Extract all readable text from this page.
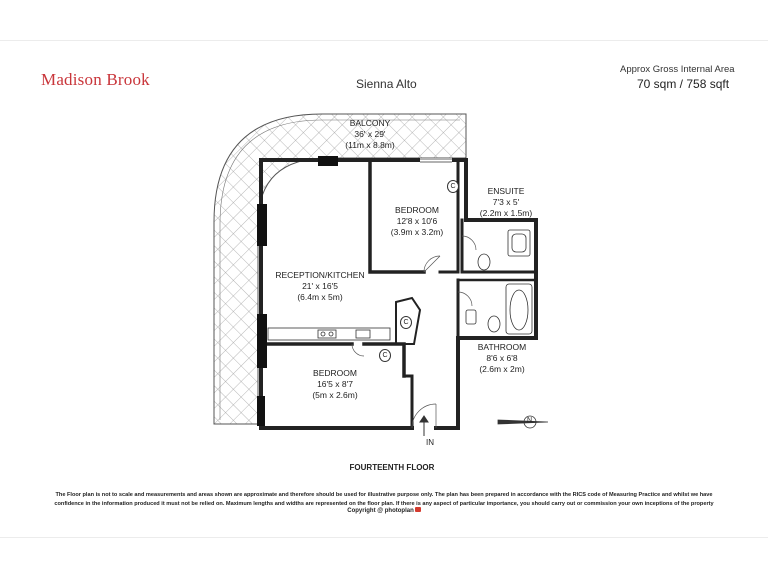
Madison Brook	Sienna Alto
Approx Gross Internal Area
70 sqm / 758 sqft
BALCONY
36' x 29'
(11m x 8.8m)
BEDROOM
12'8 x 10'6
(3.9m x 3.2m)
ENSUITE
7'3 x 5'
(2.2m x 1.5m)
RECEPTION/KITCHEN
21' x 16'5
(6.4m x 5m)
BATHROOM
8'6 x 6'8
(2.6m x 2m)
BEDROOM
16'5 x 8'7
(5m x 2.6m)
C
C
C
IN
N
FOURTEENTH FLOOR
The Floor plan is not to scale and measurements and areas shown are approximate and therefore should be used for illustrative purpose only. The plan has been prepared in accordance with the RICS code of Measuring Practice and whilst we have
confidence in the information produced it must not be relied on. Maximum lengths and widths are represented on the floor plan. If there is any aspect of particular importance, you should carry out or commission your own inceptions of the property
Copyright @ photoplan
